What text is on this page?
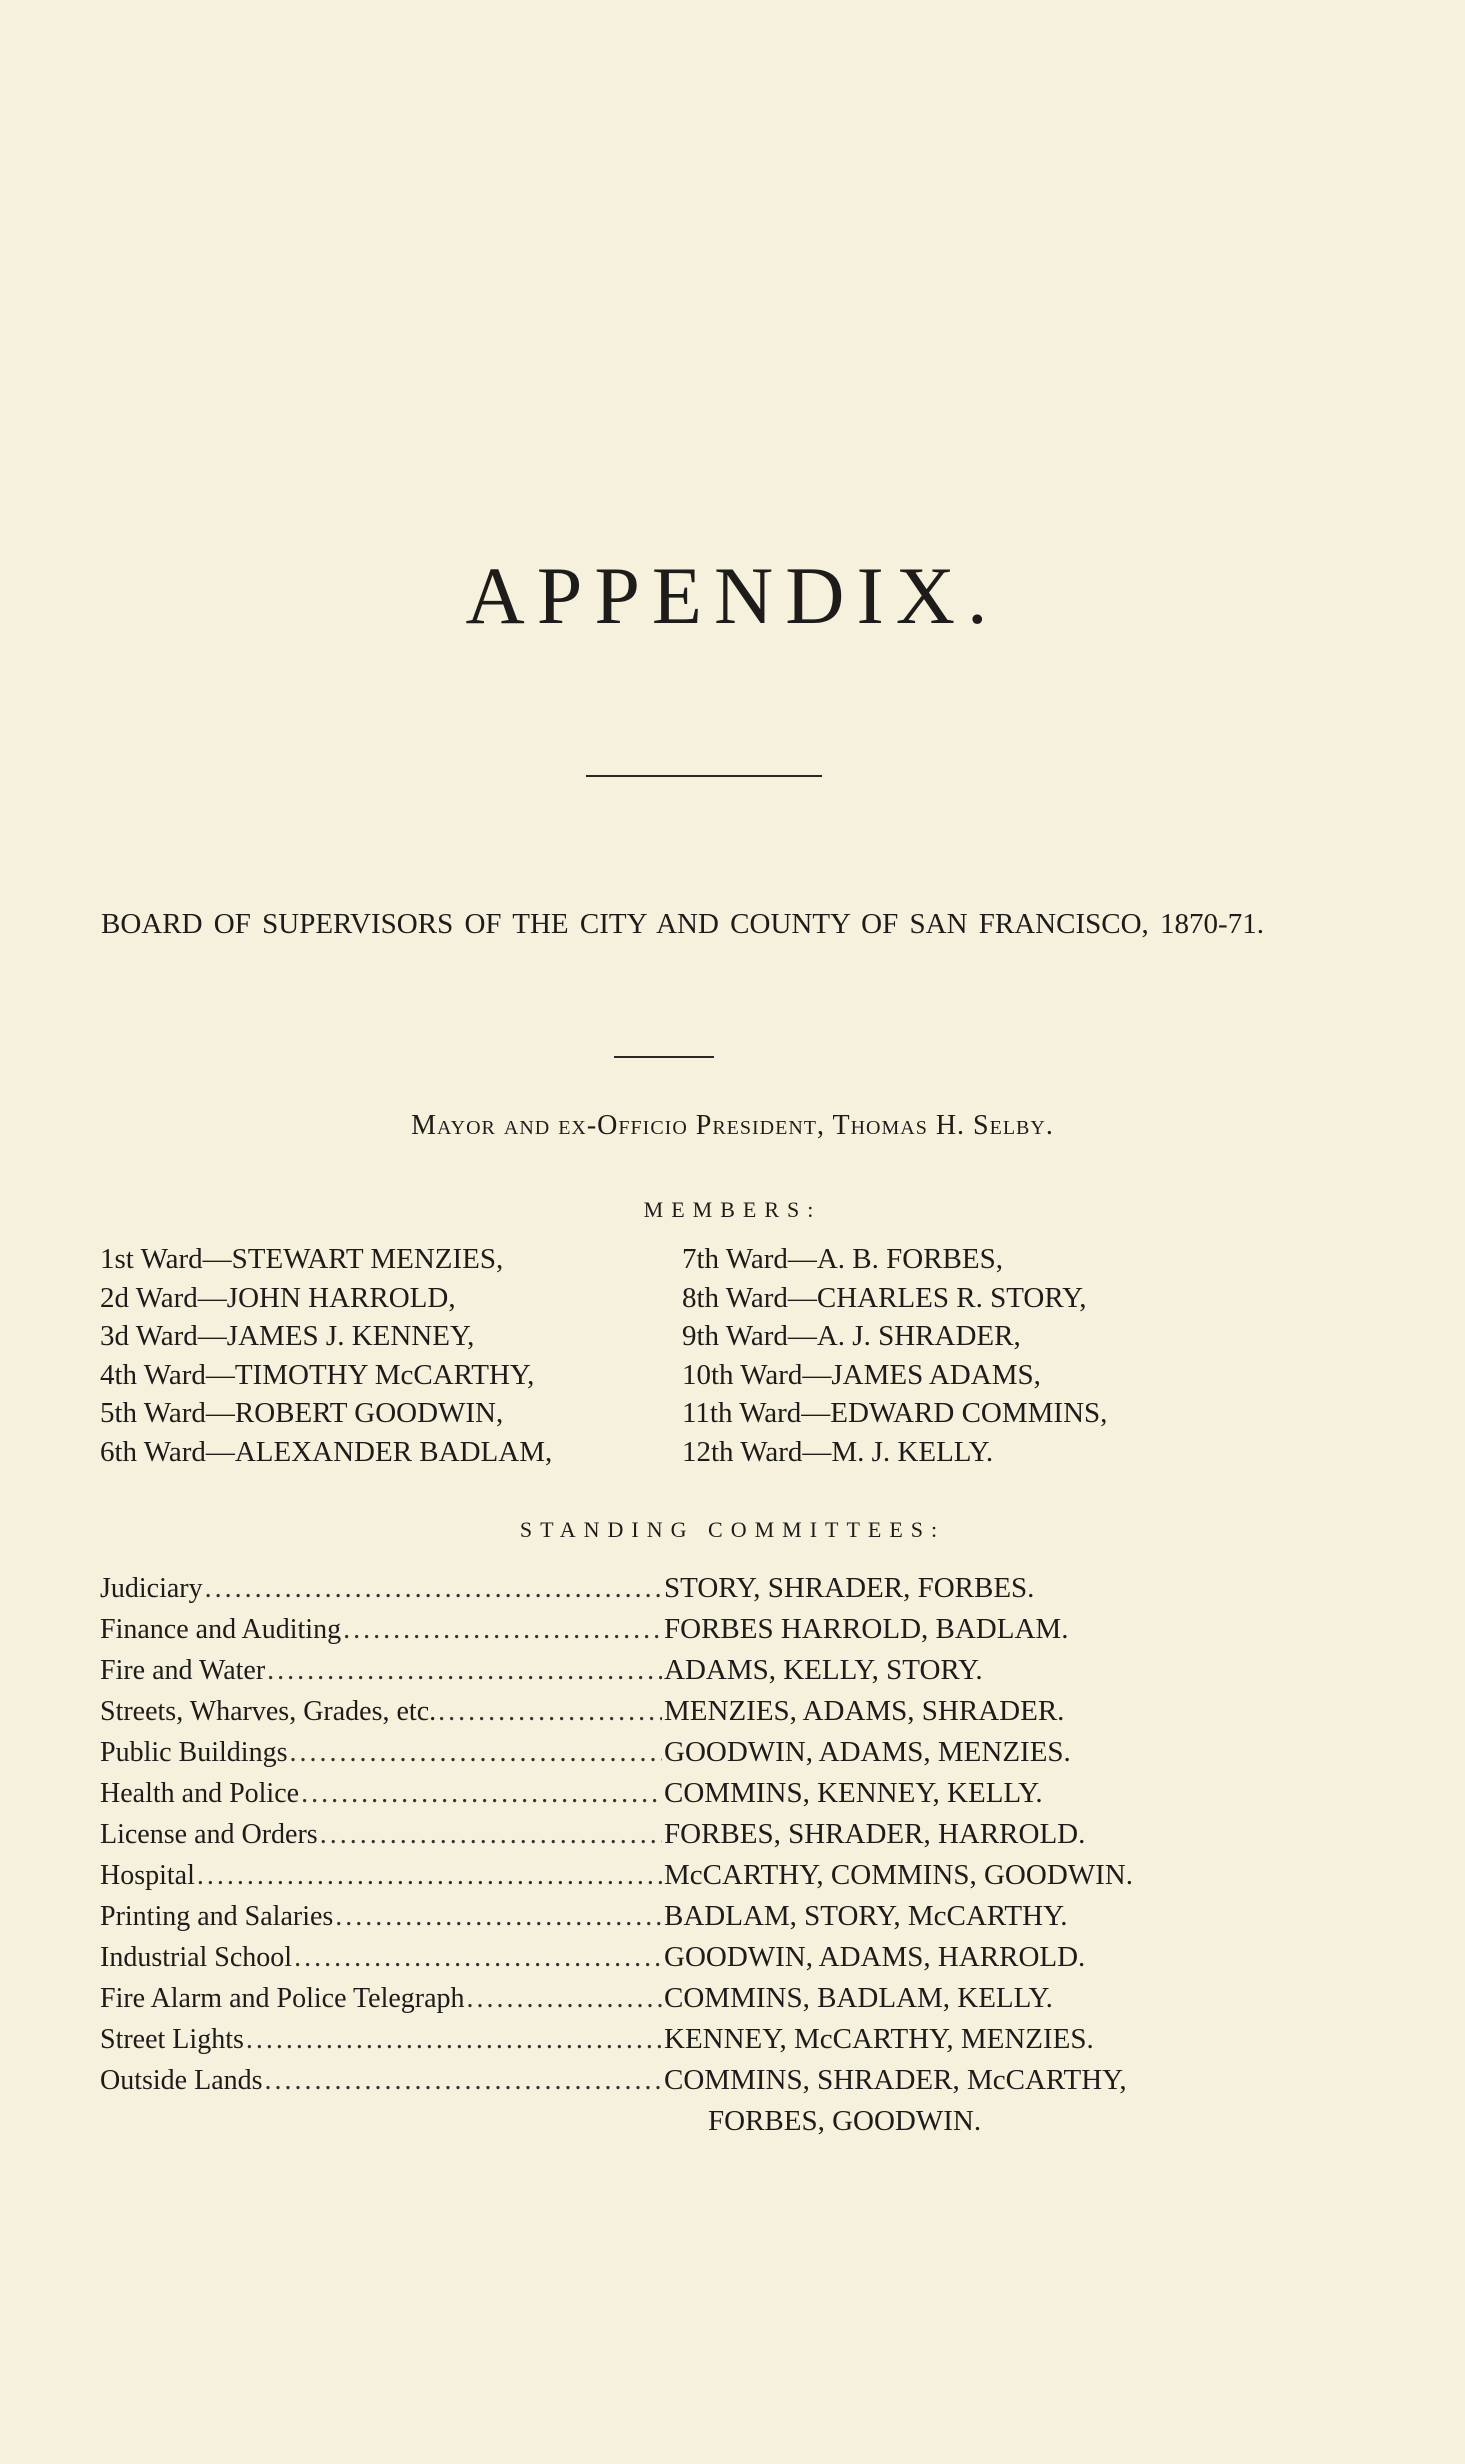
APPENDIX.
BOARD OF SUPERVISORS OF THE CITY AND COUNTY OF SAN FRANCISCO, 1870-71.
Mayor and ex-Officio President, Thomas H. Selby.
MEMBERS:
1st Ward—STEWART MENZIES,	7th Ward—A. B. FORBES,
2d Ward—JOHN HARROLD,	8th Ward—CHARLES R. STORY,
3d Ward—JAMES J. KENNEY,	9th Ward—A. J. SHRADER,
4th Ward—TIMOTHY McCARTHY,	10th Ward—JAMES ADAMS,
5th Ward—ROBERT GOODWIN,	11th Ward—EDWARD COMMINS,
6th Ward—ALEXANDER BADLAM,	12th Ward—M. J. KELLY.
STANDING COMMITTEES:
Judiciary . . .	STORY, SHRADER, FORBES.
Finance and Auditing . . .	FORBES HARROLD, BADLAM.
Fire and Water . . .	ADAMS, KELLY, STORY.
Streets, Wharves, Grades, etc. . . .	MENZIES, ADAMS, SHRADER.
Public Buildings . . .	GOODWIN, ADAMS, MENZIES.
Health and Police . . .	COMMINS, KENNEY, KELLY.
License and Orders . . .	FORBES, SHRADER, HARROLD.
Hospital . . .	McCARTHY, COMMINS, GOODWIN.
Printing and Salaries . . .	BADLAM, STORY, McCARTHY.
Industrial School . . .	GOODWIN, ADAMS, HARROLD.
Fire Alarm and Police Telegraph . . .	COMMINS, BADLAM, KELLY.
Street Lights . . .	KENNEY, McCARTHY, MENZIES.
Outside Lands . . .	COMMINS, SHRADER, McCARTHY,
FORBES, GOODWIN.
